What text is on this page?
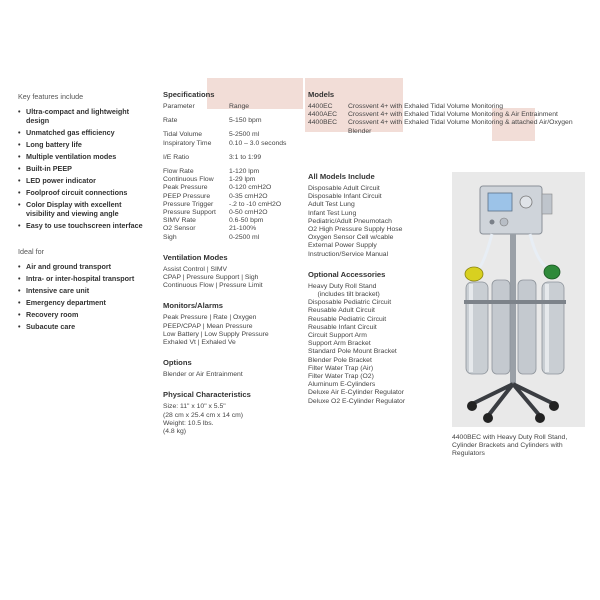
Key features include
• Ultra-compact and lightweight design
• Unmatched gas efficiency
• Long battery life
• Multiple ventilation modes
• Built-in PEEP
• LED power indicator
• Foolproof circuit connections
• Color Display with excellent visibility and viewing angle
• Easy to use touchscreen interface
Ideal for
• Air and ground transport
• Intra- or inter-hospital transport
• Intensive care unit
• Emergency department
• Recovery room
• Subacute care
Specifications
Parameter	Range
Rate	5-150 bpm
Tidal Volume	5-2500 ml
Inspiratory Time	0.10 – 3.0 seconds
I/E Ratio	3:1 to 1:99
Flow Rate	1-120 lpm
Continuous Flow	1-29 lpm
Peak Pressure	0-120 cmH2O
PEEP Pressure	0-35 cmH2O
Pressure Trigger	-.2 to -10 cmH2O
Pressure Support	0-50 cmH2O
SIMV Rate	0.6-50 bpm
O2 Sensor	21-100%
Sigh	0-2500 ml
Ventilation Modes
Assist Control | SIMV
CPAP | Pressure Support | Sigh
Continuous Flow | Pressure Limit
Monitors/Alarms
Peak Pressure | Rate | Oxygen
PEEP/CPAP | Mean Pressure
Low Battery | Low Supply Pressure
Exhaled Vt | Exhaled Ve
Options
Blender or Air Entrainment
Physical Characteristics
Size: 11" x 10" x 5.5"
(28 cm x 25.4 cm x 14 cm)
Weight: 10.5 lbs.
(4.8 kg)
Models
4400EC	Crossvent 4+ with Exhaled Tidal Volume Monitoring
4400AEC	Crossvent 4+ with Exhaled Tidal Volume Monitoring & Air Entrainment
4400BEC	Crossvent 4+ with Exhaled Tidal Volume Monitoring & attached Air/Oxygen Blender
All Models Include
Disposable Adult Circuit
Disposable Infant Circuit
Adult Test Lung
Infant Test Lung
Pediatric/Adult Pneumotach
O2 High Pressure Supply Hose
Oxygen Sensor Cell w/cable
External Power Supply
Instruction/Service Manual
Optional Accessories
Heavy Duty Roll Stand
(includes tilt bracket)
Disposable Pediatric Circuit
Reusable Adult Circuit
Reusable Pediatric Circuit
Reusable Infant Circuit
Circuit Support Arm
Support Arm Bracket
Standard Pole Mount Bracket
Blender Pole Bracket
Filter Water Trap (Air)
Filter Water Trap (O2)
Aluminum E-Cylinders
Deluxe Air E-Cylinder Regulator
Deluxe O2 E-Cylinder Regulator
4400BEC with Heavy Duty Roll Stand, Cylinder Brackets and Cylinders with Regulators
